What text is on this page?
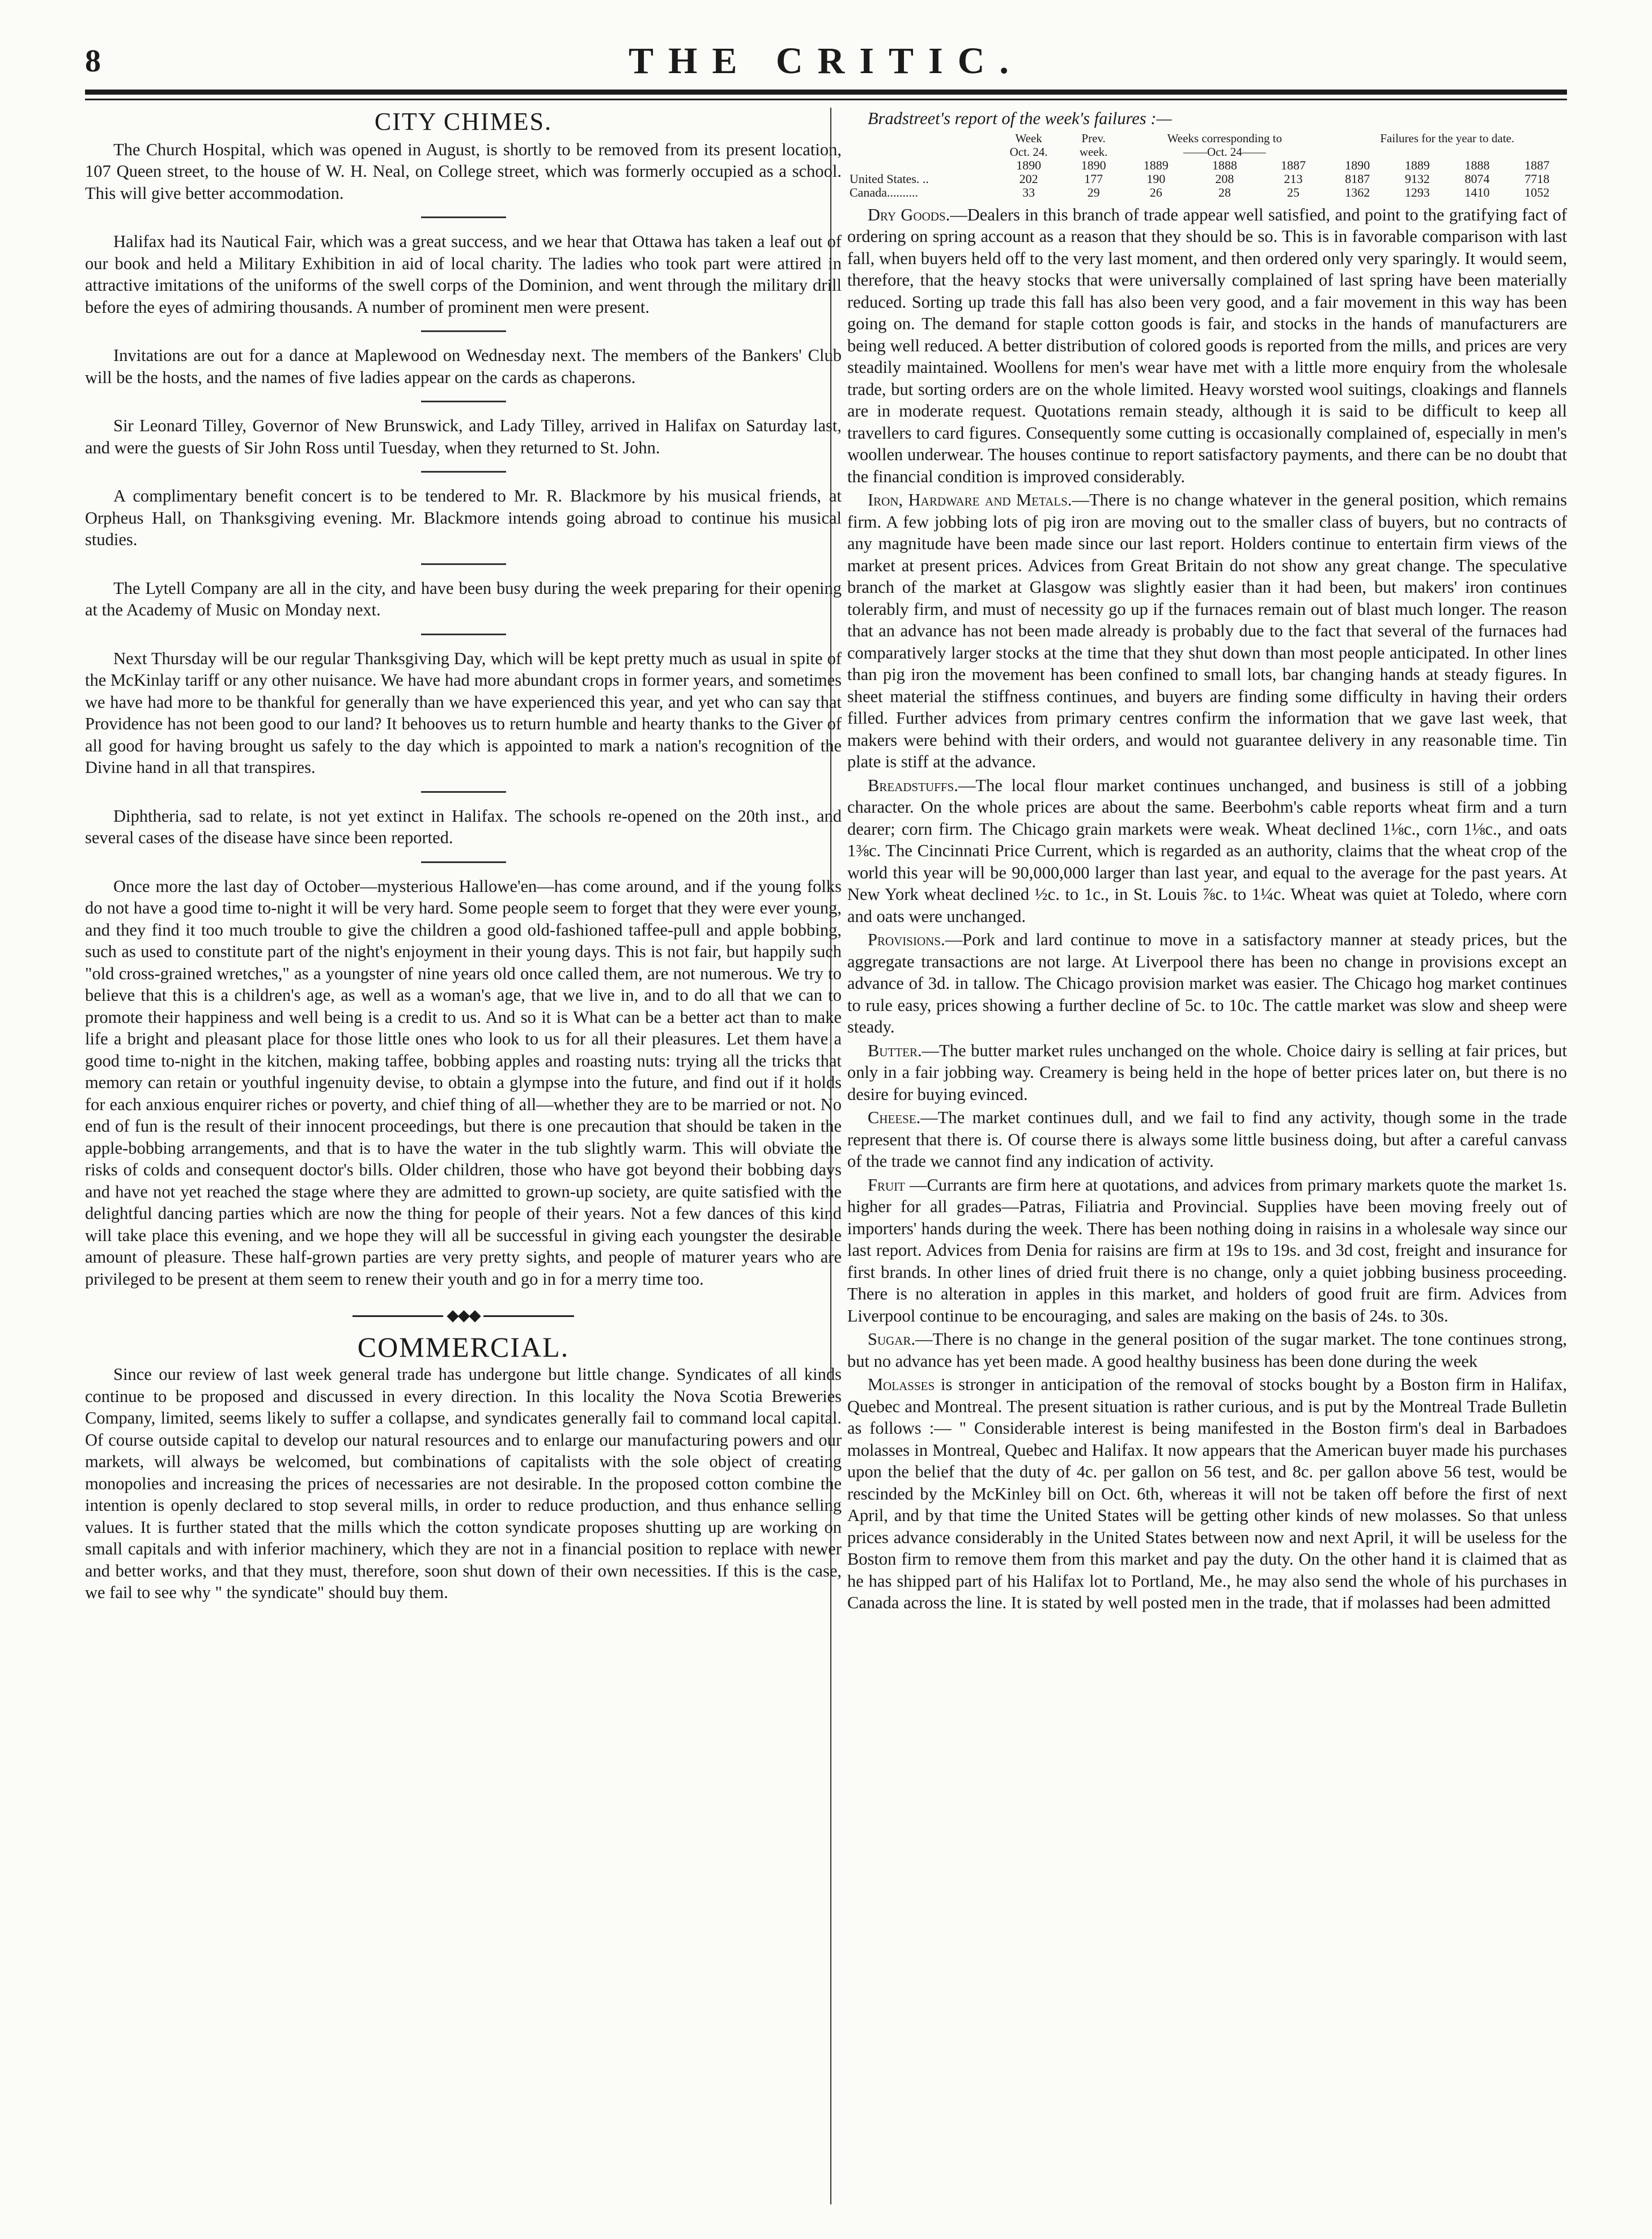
8	THE CRITIC.
CITY CHIMES.

The Church Hospital, which was opened in August, is shortly to be removed from its present location, 107 Queen street, to the house of W. H. Neal, on College street, which was formerly occupied as a school. This will give better accommodation.

Halifax had its Nautical Fair, which was a great success, and we hear that Ottawa has taken a leaf out of our book and held a Military Exhibition in aid of local charity. The ladies who took part were attired in attractive imitations of the uniforms of the swell corps of the Dominion, and went through the military drill before the eyes of admiring thousands. A number of prominent men were present.

Invitations are out for a dance at Maplewood on Wednesday next. The members of the Bankers' Club will be the hosts, and the names of five ladies appear on the cards as chaperons.

Sir Leonard Tilley, Governor of New Brunswick, and Lady Tilley, arrived in Halifax on Saturday last, and were the guests of Sir John Ross until Tuesday, when they returned to St. John.

A complimentary benefit concert is to be tendered to Mr. R. Blackmore by his musical friends, at Orpheus Hall, on Thanksgiving evening. Mr. Blackmore intends going abroad to continue his musical studies.

The Lytell Company are all in the city, and have been busy during the week preparing for their opening at the Academy of Music on Monday next.

Next Thursday will be our regular Thanksgiving Day, which will be kept pretty much as usual in spite of the McKinlay tariff or any other nuisance. We have had more abundant crops in former years, and sometimes we have had more to be thankful for generally than we have experienced this year, and yet who can say that Providence has not been good to our land? It behooves us to return humble and hearty thanks to the Giver of all good for having brought us safely to the day which is appointed to mark a nation's recognition of the Divine hand in all that transpires.

Diphtheria, sad to relate, is not yet extinct in Halifax. The schools re-opened on the 20th inst., and several cases of the disease have since been reported.

Once more the last day of October—mysterious Hallowe'en—has come around, and if the young folks do not have a good time to-night it will be very hard. Some people seem to forget that they were ever young, and they find it too much trouble to give the children a good old-fashioned taffee-pull and apple bobbing, such as used to constitute part of the night's enjoyment in their young days. This is not fair, but happily such "old cross-grained wretches," as a youngster of nine years old once called them, are not numerous. We try to believe that this is a children's age, as well as a woman's age, that we live in, and to do all that we can to promote their happiness and well being is a credit to us. And so it is What can be a better act than to make life a bright and pleasant place for those little ones who look to us for all their pleasures. Let them have a good time to-night in the kitchen, making taffee, bobbing apples and roasting nuts: trying all the tricks that memory can retain or youthful ingenuity devise, to obtain a glympse into the future, and find out if it holds for each anxious enquirer riches or poverty, and chief thing of all—whether they are to be married or not. No end of fun is the result of their innocent proceedings, but there is one precaution that should be taken in the apple-bobbing arrangements, and that is to have the water in the tub slightly warm. This will obviate the risks of colds and consequent doctor's bills. Older children, those who have got beyond their bobbing days and have not yet reached the stage where they are admitted to grown-up society, are quite satisfied with the delightful dancing parties which are now the thing for people of their years. Not a few dances of this kind will take place this evening, and we hope they will all be successful in giving each youngster the desirable amount of pleasure. These half-grown parties are very pretty sights, and people of maturer years who are privileged to be present at them seem to renew their youth and go in for a merry time too.

◆◆◆
COMMERCIAL.

Since our review of last week general trade has undergone but little change. Syndicates of all kinds continue to be proposed and discussed in every direction. In this locality the Nova Scotia Breweries Company, limited, seems likely to suffer a collapse, and syndicates generally fail to command local capital. Of course outside capital to develop our natural resources and to enlarge our manufacturing powers and our markets, will always be welcomed, but combinations of capitalists with the sole object of creating monopolies and increasing the prices of necessaries are not desirable. In the proposed cotton combine the intention is openly declared to stop several mills, in order to reduce production, and thus enhance selling values. It is further stated that the mills which the cotton syndicate proposes shutting up are working on small capitals and with inferior machinery, which they are not in a financial position to replace with newer and better works, and that they must, therefore, soon shut down of their own necessities. If this is the case, we fail to see why " the syndicate" should buy them.

Bradstreet's report of the week's failures :—

	Week	Prev.	Weeks corresponding to			Failures for the year to date.			
	Oct. 24.	week.	——Oct. 24——						
	1890	1890	1889	1888	1887	1890	1889	1888	1887
United States. ..	202	177	190	208	213	8187	9132	8074	7718
Canada..........	33	29	26	28	25	1362	1293	1410	1052

Dry Goods.—Dealers in this branch of trade appear well satisfied, and point to the gratifying fact of ordering on spring account as a reason that they should be so. This is in favorable comparison with last fall, when buyers held off to the very last moment, and then ordered only very sparingly. It would seem, therefore, that the heavy stocks that were universally complained of last spring have been materially reduced. Sorting up trade this fall has also been very good, and a fair movement in this way has been going on. The demand for staple cotton goods is fair, and stocks in the hands of manufacturers are being well reduced. A better distribution of colored goods is reported from the mills, and prices are very steadily maintained. Woollens for men's wear have met with a little more enquiry from the wholesale trade, but sorting orders are on the whole limited. Heavy worsted wool suitings, cloakings and flannels are in moderate request. Quotations remain steady, although it is said to be difficult to keep all travellers to card figures. Consequently some cutting is occasionally complained of, especially in men's woollen underwear. The houses continue to report satisfactory payments, and there can be no doubt that the financial condition is improved considerably.

Iron, Hardware and Metals.—There is no change whatever in the general position, which remains firm. A few jobbing lots of pig iron are moving out to the smaller class of buyers, but no contracts of any magnitude have been made since our last report. Holders continue to entertain firm views of the market at present prices. Advices from Great Britain do not show any great change. The speculative branch of the market at Glasgow was slightly easier than it had been, but makers' iron continues tolerably firm, and must of necessity go up if the furnaces remain out of blast much longer. The reason that an advance has not been made already is probably due to the fact that several of the furnaces had comparatively larger stocks at the time that they shut down than most people anticipated. In other lines than pig iron the movement has been confined to small lots, bar changing hands at steady figures. In sheet material the stiffness continues, and buyers are finding some difficulty in having their orders filled. Further advices from primary centres confirm the information that we gave last week, that makers were behind with their orders, and would not guarantee delivery in any reasonable time. Tin plate is stiff at the advance.

Breadstuffs.—The local flour market continues unchanged, and business is still of a jobbing character. On the whole prices are about the same. Beerbohm's cable reports wheat firm and a turn dearer; corn firm. The Chicago grain markets were weak. Wheat declined 1⅛c., corn 1⅛c., and oats 1⅜c. The Cincinnati Price Current, which is regarded as an authority, claims that the wheat crop of the world this year will be 90,000,000 larger than last year, and equal to the average for the past years. At New York wheat declined ½c. to 1c., in St. Louis ⅞c. to 1¼c. Wheat was quiet at Toledo, where corn and oats were unchanged.

Provisions.—Pork and lard continue to move in a satisfactory manner at steady prices, but the aggregate transactions are not large. At Liverpool there has been no change in provisions except an advance of 3d. in tallow. The Chicago provision market was easier. The Chicago hog market continues to rule easy, prices showing a further decline of 5c. to 10c. The cattle market was slow and sheep were steady.

Butter.—The butter market rules unchanged on the whole. Choice dairy is selling at fair prices, but only in a fair jobbing way. Creamery is being held in the hope of better prices later on, but there is no desire for buying evinced.

Cheese.—The market continues dull, and we fail to find any activity, though some in the trade represent that there is. Of course there is always some little business doing, but after a careful canvass of the trade we cannot find any indication of activity.

Fruit —Currants are firm here at quotations, and advices from primary markets quote the market 1s. higher for all grades—Patras, Filiatria and Provincial. Supplies have been moving freely out of importers' hands during the week. There has been nothing doing in raisins in a wholesale way since our last report. Advices from Denia for raisins are firm at 19s to 19s. and 3d cost, freight and insurance for first brands. In other lines of dried fruit there is no change, only a quiet jobbing business proceeding. There is no alteration in apples in this market, and holders of good fruit are firm. Advices from Liverpool continue to be encouraging, and sales are making on the basis of 24s. to 30s.

Sugar.—There is no change in the general position of the sugar market. The tone continues strong, but no advance has yet been made. A good healthy business has been done during the week

Molasses is stronger in anticipation of the removal of stocks bought by a Boston firm in Halifax, Quebec and Montreal. The present situation is rather curious, and is put by the Montreal Trade Bulletin as follows :— " Considerable interest is being manifested in the Boston firm's deal in Barbadoes molasses in Montreal, Quebec and Halifax. It now appears that the American buyer made his purchases upon the belief that the duty of 4c. per gallon on 56 test, and 8c. per gallon above 56 test, would be rescinded by the McKinley bill on Oct. 6th, whereas it will not be taken off before the first of next April, and by that time the United States will be getting other kinds of new molasses. So that unless prices advance considerably in the United States between now and next April, it will be useless for the Boston firm to remove them from this market and pay the duty. On the other hand it is claimed that as he has shipped part of his Halifax lot to Portland, Me., he may also send the whole of his purchases in Canada across the line. It is stated by well posted men in the trade, that if molasses had been admitted
